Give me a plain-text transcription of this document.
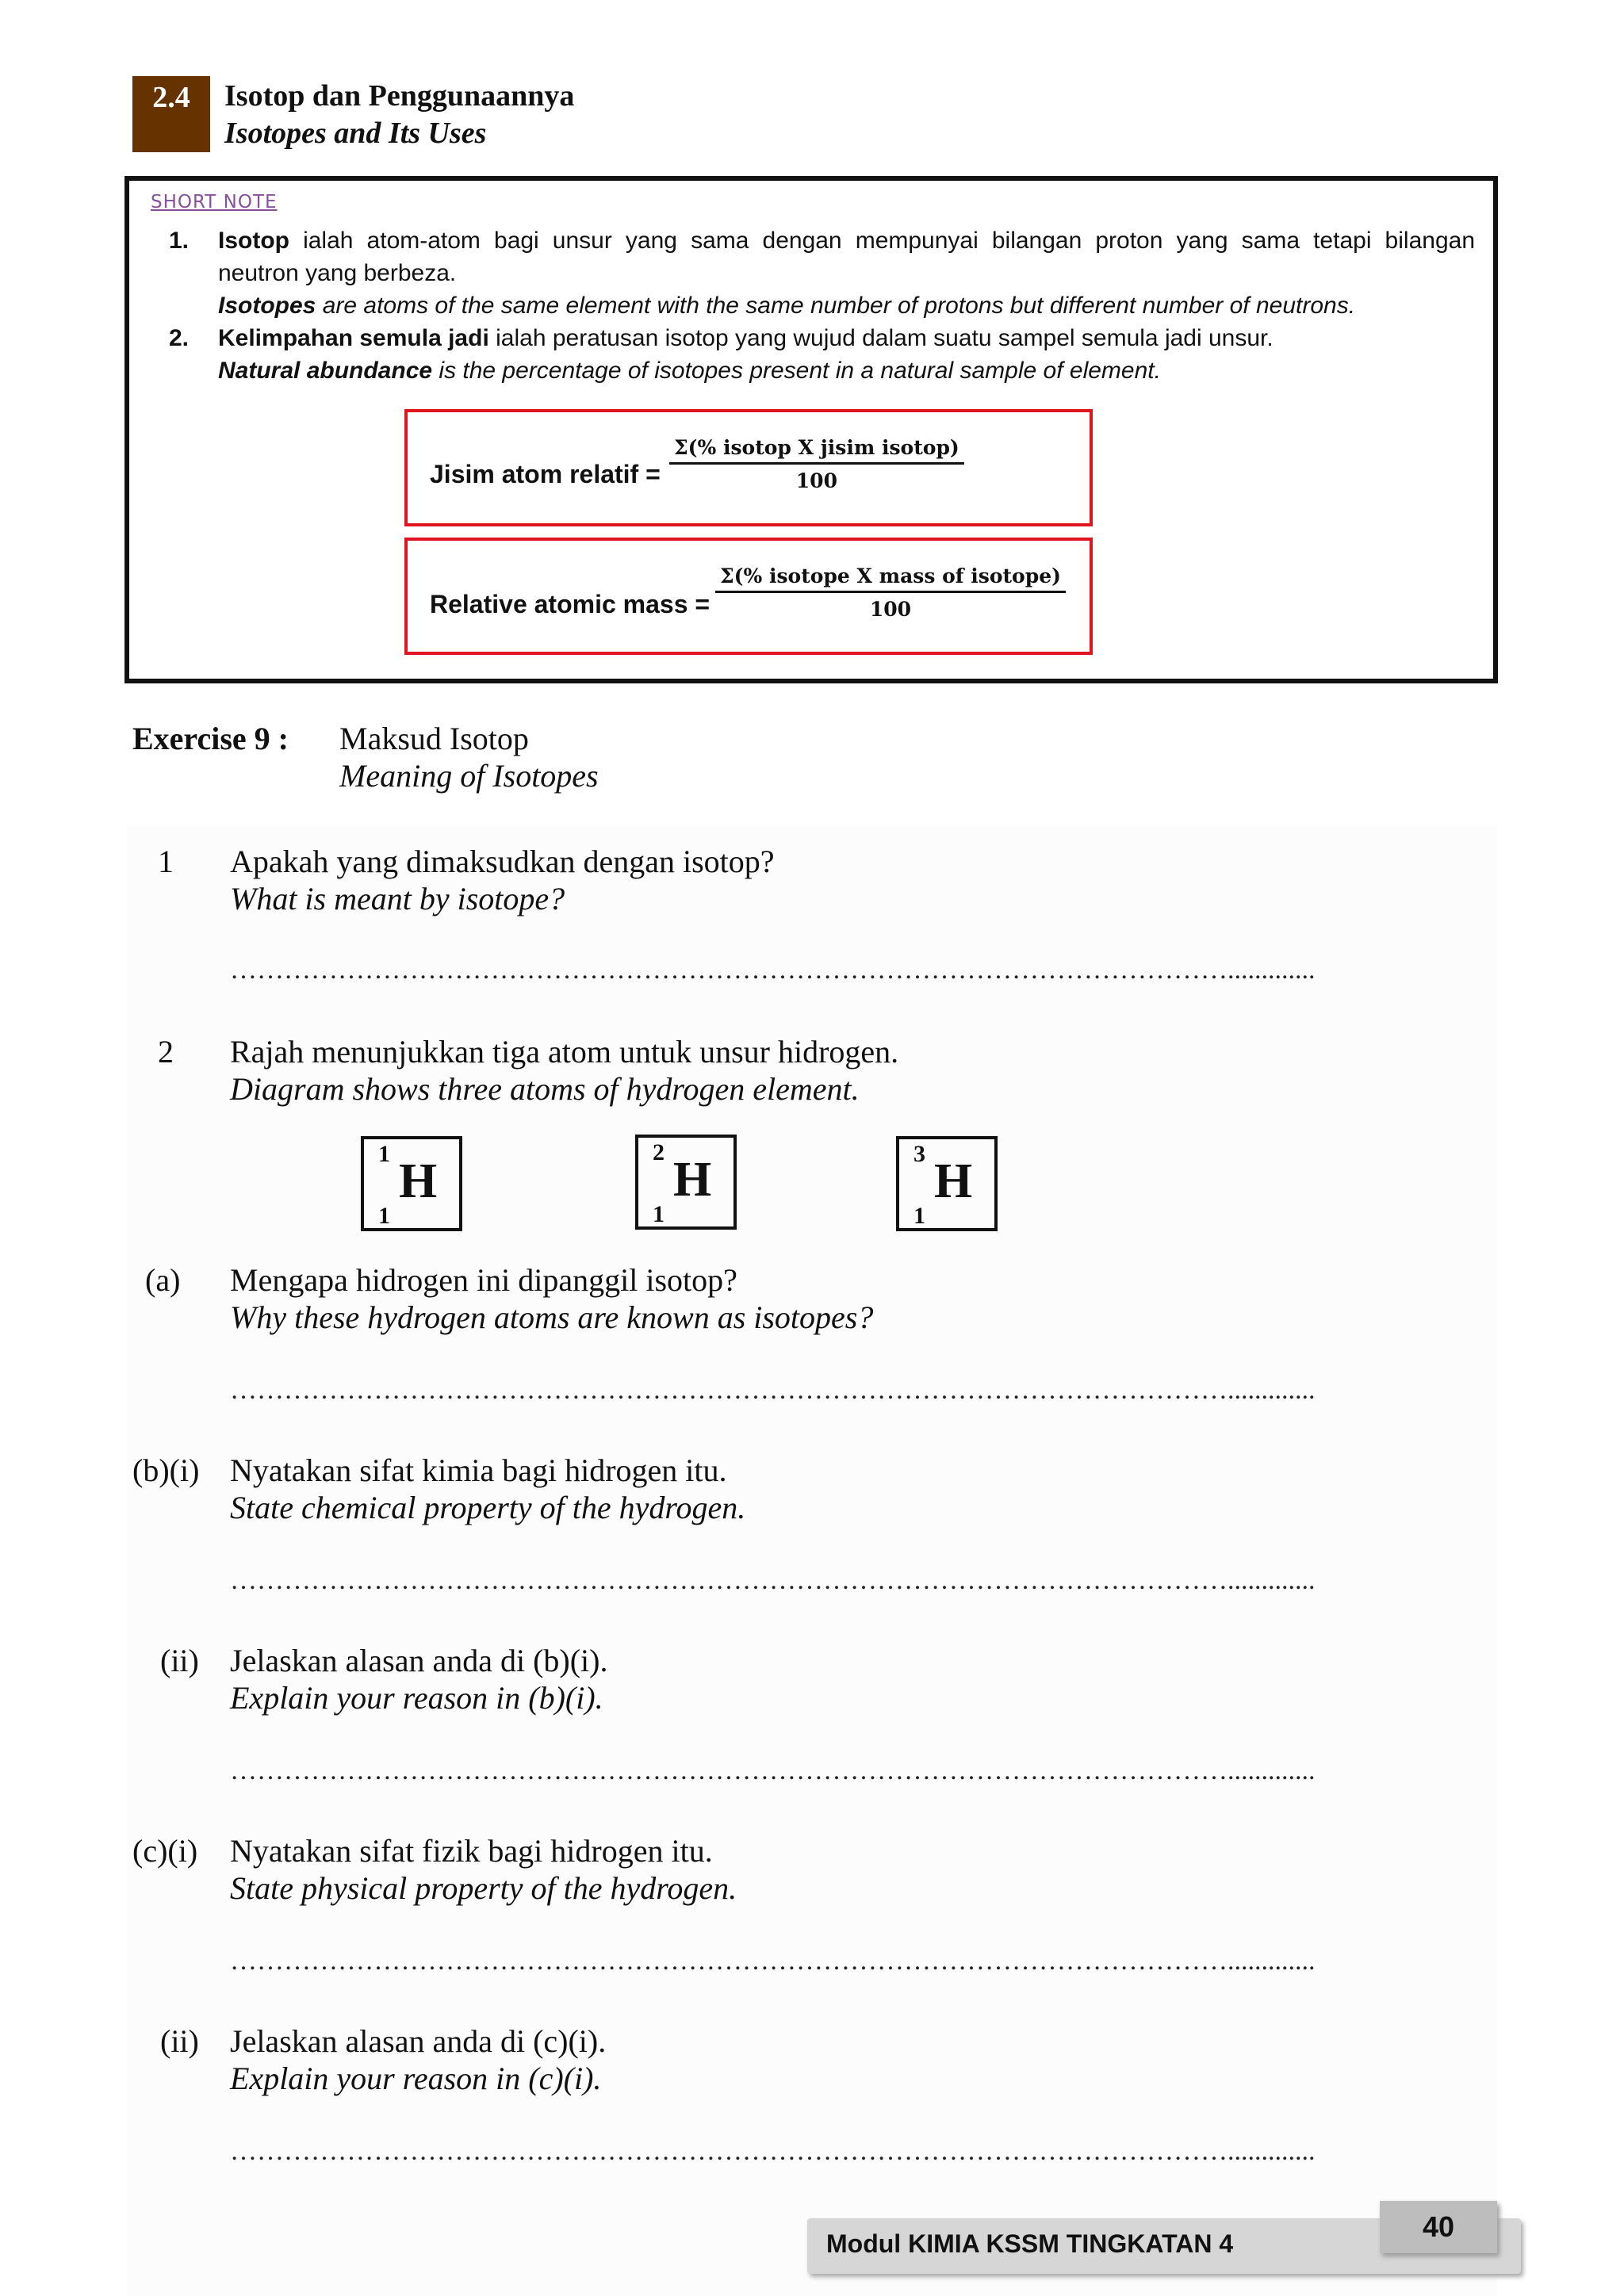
2.4	Isotop dan Penggunaannya
Isotopes and Its Uses
SHORT NOTE
1. Isotop ialah atom-atom bagi unsur yang sama dengan mempunyai bilangan proton yang sama tetapi bilangan
neutron yang berbeza.
Isotopes are atoms of the same element with the same number of protons but different number of neutrons.
2. Kelimpahan semula jadi ialah peratusan isotop yang wujud dalam suatu sampel semula jadi unsur.
Natural abundance is the percentage of isotopes present in a natural sample of element.
Jisim atom relatif =
Σ(% isotop X jisim isotop)
100
Relative atomic mass =
Σ(% isotope X mass of isotope)
100
Exercise 9 : Maksud Isotop
Meaning of Isotopes
1 Apakah yang dimaksudkan dengan isotop?
What is meant by isotope?
………………………………………………………………………………………………….............
2 Rajah menunjukkan tiga atom untuk unsur hidrogen.
Diagram shows three atoms of hydrogen element.
1
H
1
2
H
1
3
H
1
(a) Mengapa hidrogen ini dipanggil isotop?
Why these hydrogen atoms are known as isotopes?
………………………………………………………………………………………………….............
(b)(i) Nyatakan sifat kimia bagi hidrogen itu.
State chemical property of the hydrogen.
………………………………………………………………………………………………….............
(ii) Jelaskan alasan anda di (b)(i).
Explain your reason in (b)(i).
………………………………………………………………………………………………….............
(c)(i) Nyatakan sifat fizik bagi hidrogen itu.
State physical property of the hydrogen.
………………………………………………………………………………………………….............
(ii) Jelaskan alasan anda di (c)(i).
Explain your reason in (c)(i).
………………………………………………………………………………………………….............
Modul KIMIA KSSM TINGKATAN 4
40
